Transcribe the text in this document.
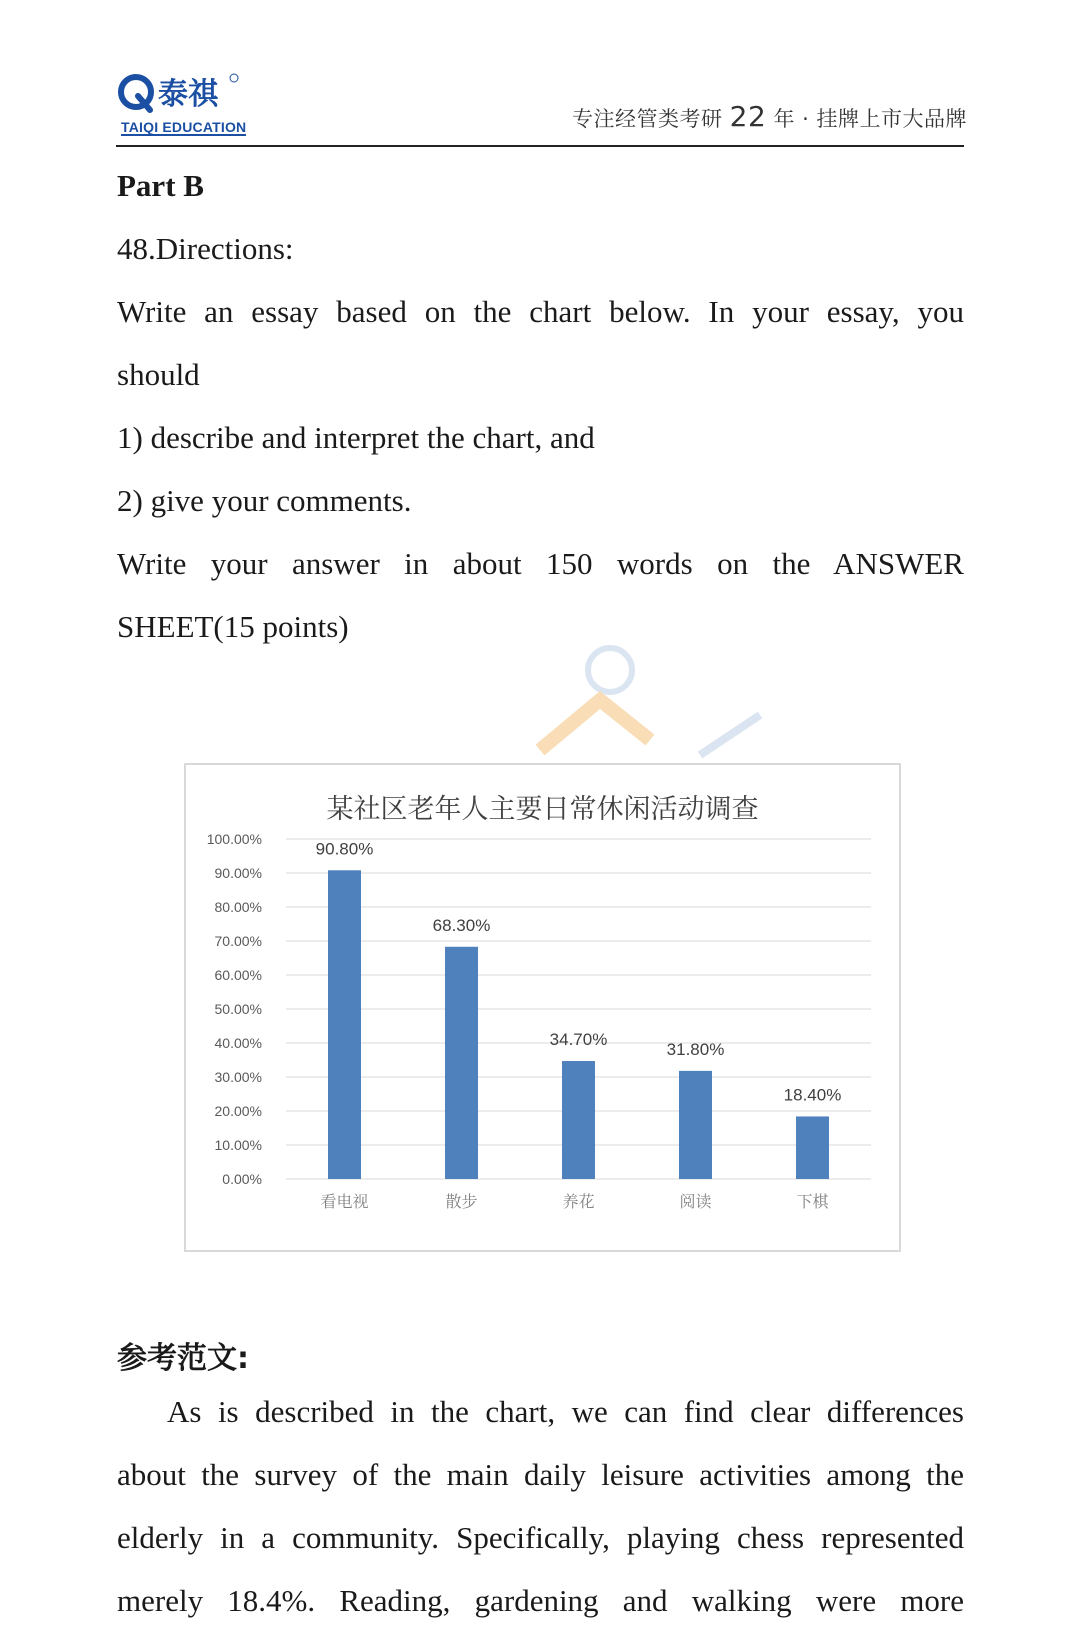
泰祺
TAIQI EDUCATION	专注经管类考研 22 年 · 挂牌上市大品牌
Part B
48.Directions:
Write an essay based on the chart below. In your essay, you
should
1) describe and interpret the chart, and
2) give your comments.
Write your answer in about 150 words on the ANSWER
SHEET(15 points)
某社区老年人主要日常休闲活动调查
0.00%
10.00%
20.00%
30.00%
40.00%
50.00%
60.00%
70.00%
80.00%
90.00%
100.00%
90.80%
看电视
68.30%
散步
34.70%
养花
31.80%
阅读
18.40%
下棋
参考范文:
As is described in the chart, we can find clear differences
about the survey of the main daily leisure activities among the
elderly in a community. Specifically, playing chess represented
merely 18.4%. Reading, gardening and walking were more
